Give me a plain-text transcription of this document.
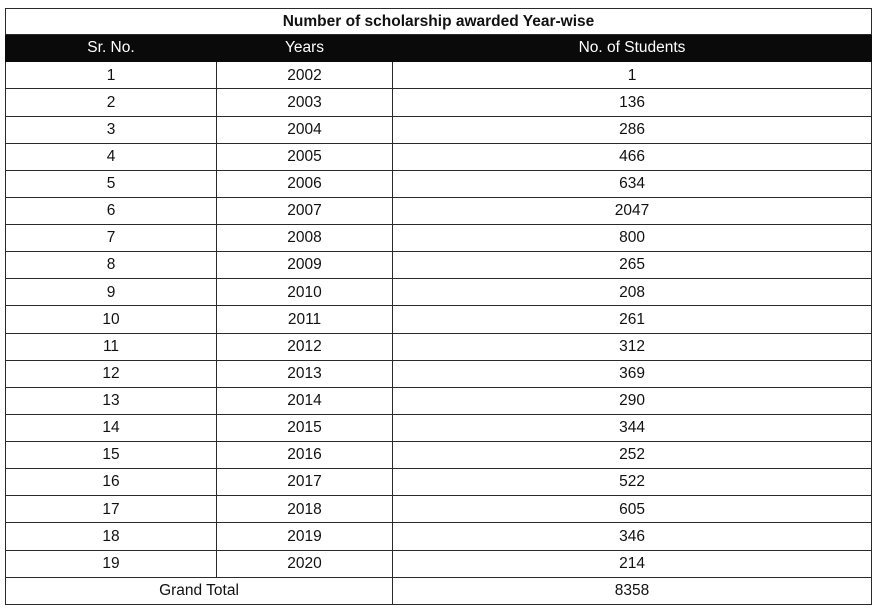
Number of scholarship awarded Year-wise		
Sr. No.	Years	No. of Students
1	2002	1
2	2003	136
3	2004	286
4	2005	466
5	2006	634
6	2007	2047
7	2008	800
8	2009	265
9	2010	208
10	2011	261
11	2012	312
12	2013	369
13	2014	290
14	2015	344
15	2016	252
16	2017	522
17	2018	605
18	2019	346
19	2020	214
Grand Total		8358
